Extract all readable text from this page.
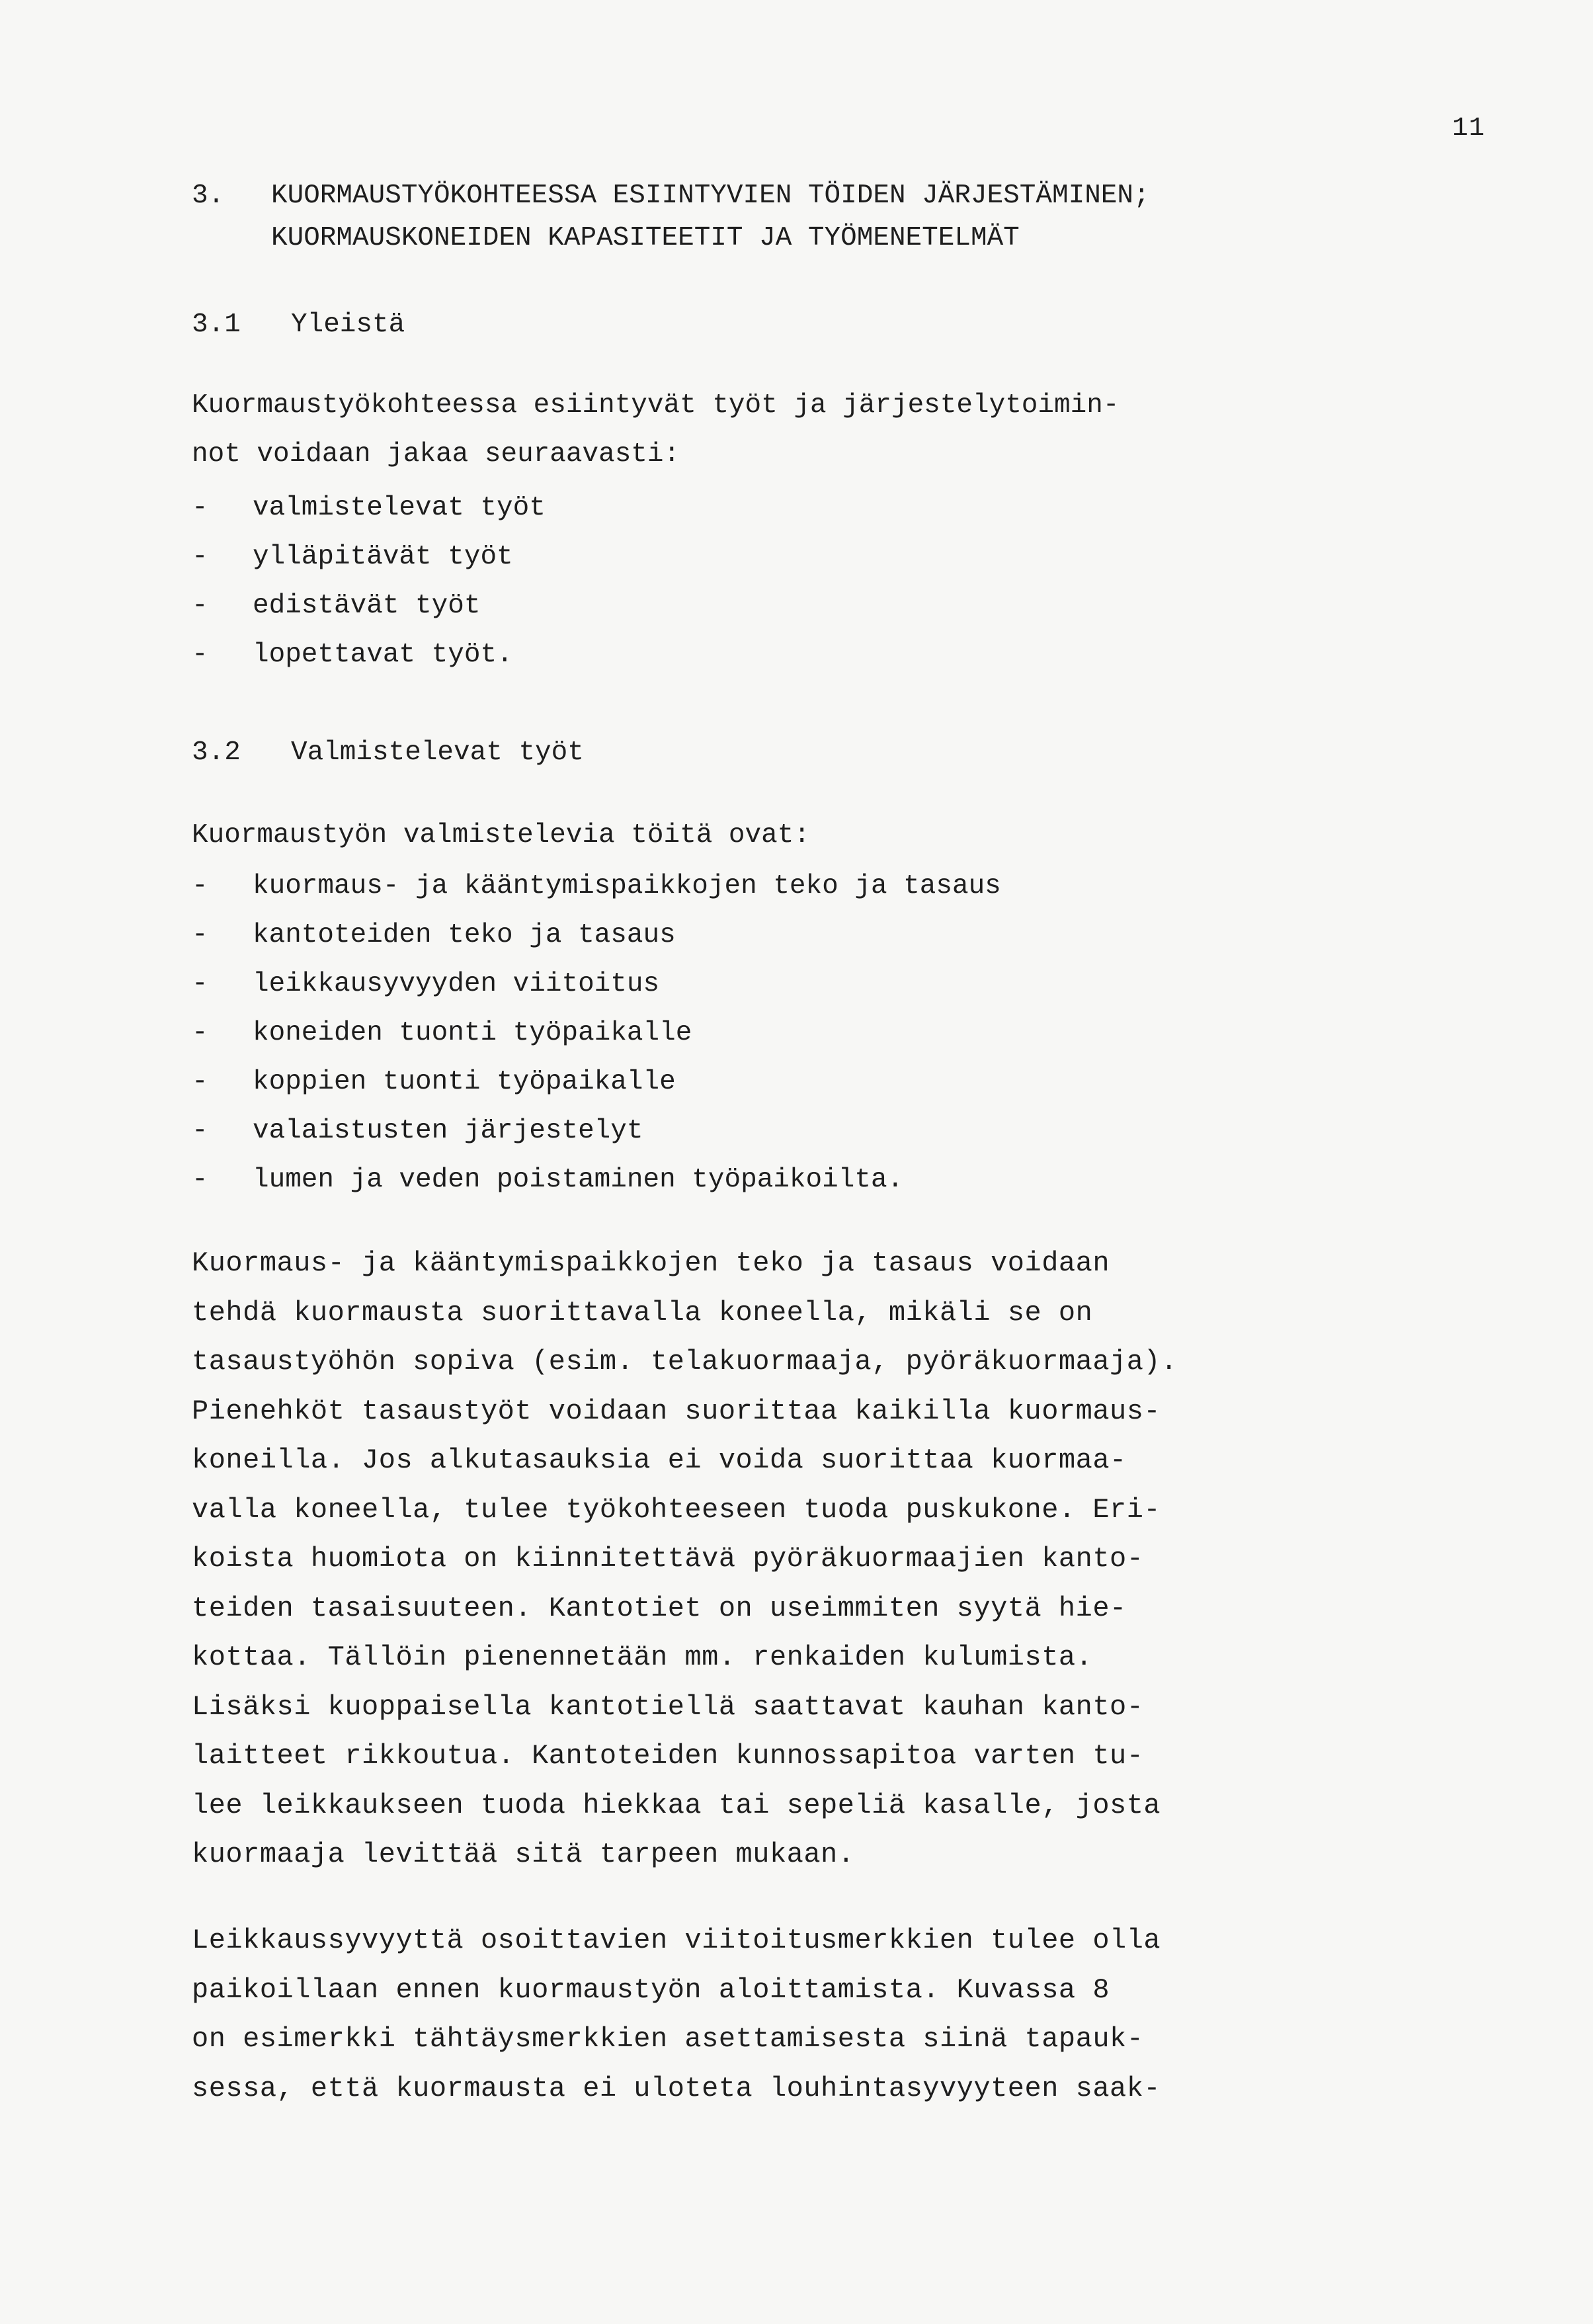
11
3. KUORMAUSTYÖKOHTEESSA ESIINTYVIEN TÖIDEN JÄRJESTÄMINEN;
KUORMAUSKONEIDEN KAPASITEETIT JA TYÖMENETELMÄT
3.1 Yleistä
Kuormaustyökohteessa esiintyvät työt ja järjestelytoimin-
not voidaan jakaa seuraavasti:
- valmistelevat työt
- ylläpitävät työt
- edistävät työt
- lopettavat työt.
3.2 Valmistelevat työt
Kuormaustyön valmistelevia töitä ovat:
- kuormaus- ja kääntymispaikkojen teko ja tasaus
- kantoteiden teko ja tasaus
- leikkausyvyyden viitoitus
- koneiden tuonti työpaikalle
- koppien tuonti työpaikalle
- valaistusten järjestelyt
- lumen ja veden poistaminen työpaikoilta.
Kuormaus- ja kääntymispaikkojen teko ja tasaus voidaan
tehdä kuormausta suorittavalla koneella, mikäli se on
tasaustyöhön sopiva (esim. telakuormaaja, pyöräkuormaaja).
Pienehköt tasaustyöt voidaan suorittaa kaikilla kuormaus-
koneilla. Jos alkutasauksia ei voida suorittaa kuormaa-
valla koneella, tulee työkohteeseen tuoda puskukone. Eri-
koista huomiota on kiinnitettävä pyöräkuormaajien kanto-
teiden tasaisuuteen. Kantotiet on useimmiten syytä hie-
kottaa. Tällöin pienennetään mm. renkaiden kulumista.
Lisäksi kuoppaisella kantotiellä saattavat kauhan kanto-
laitteet rikkoutua. Kantoteiden kunnossapitoa varten tu-
lee leikkaukseen tuoda hiekkaa tai sepeliä kasalle, josta
kuormaaja levittää sitä tarpeen mukaan.
Leikkaussyvyyttä osoittavien viitoitusmerkkien tulee olla
paikoillaan ennen kuormaustyön aloittamista. Kuvassa 8
on esimerkki tähtäysmerkkien asettamisesta siinä tapauk-
sessa, että kuormausta ei uloteta louhintasyvyyteen saak-
